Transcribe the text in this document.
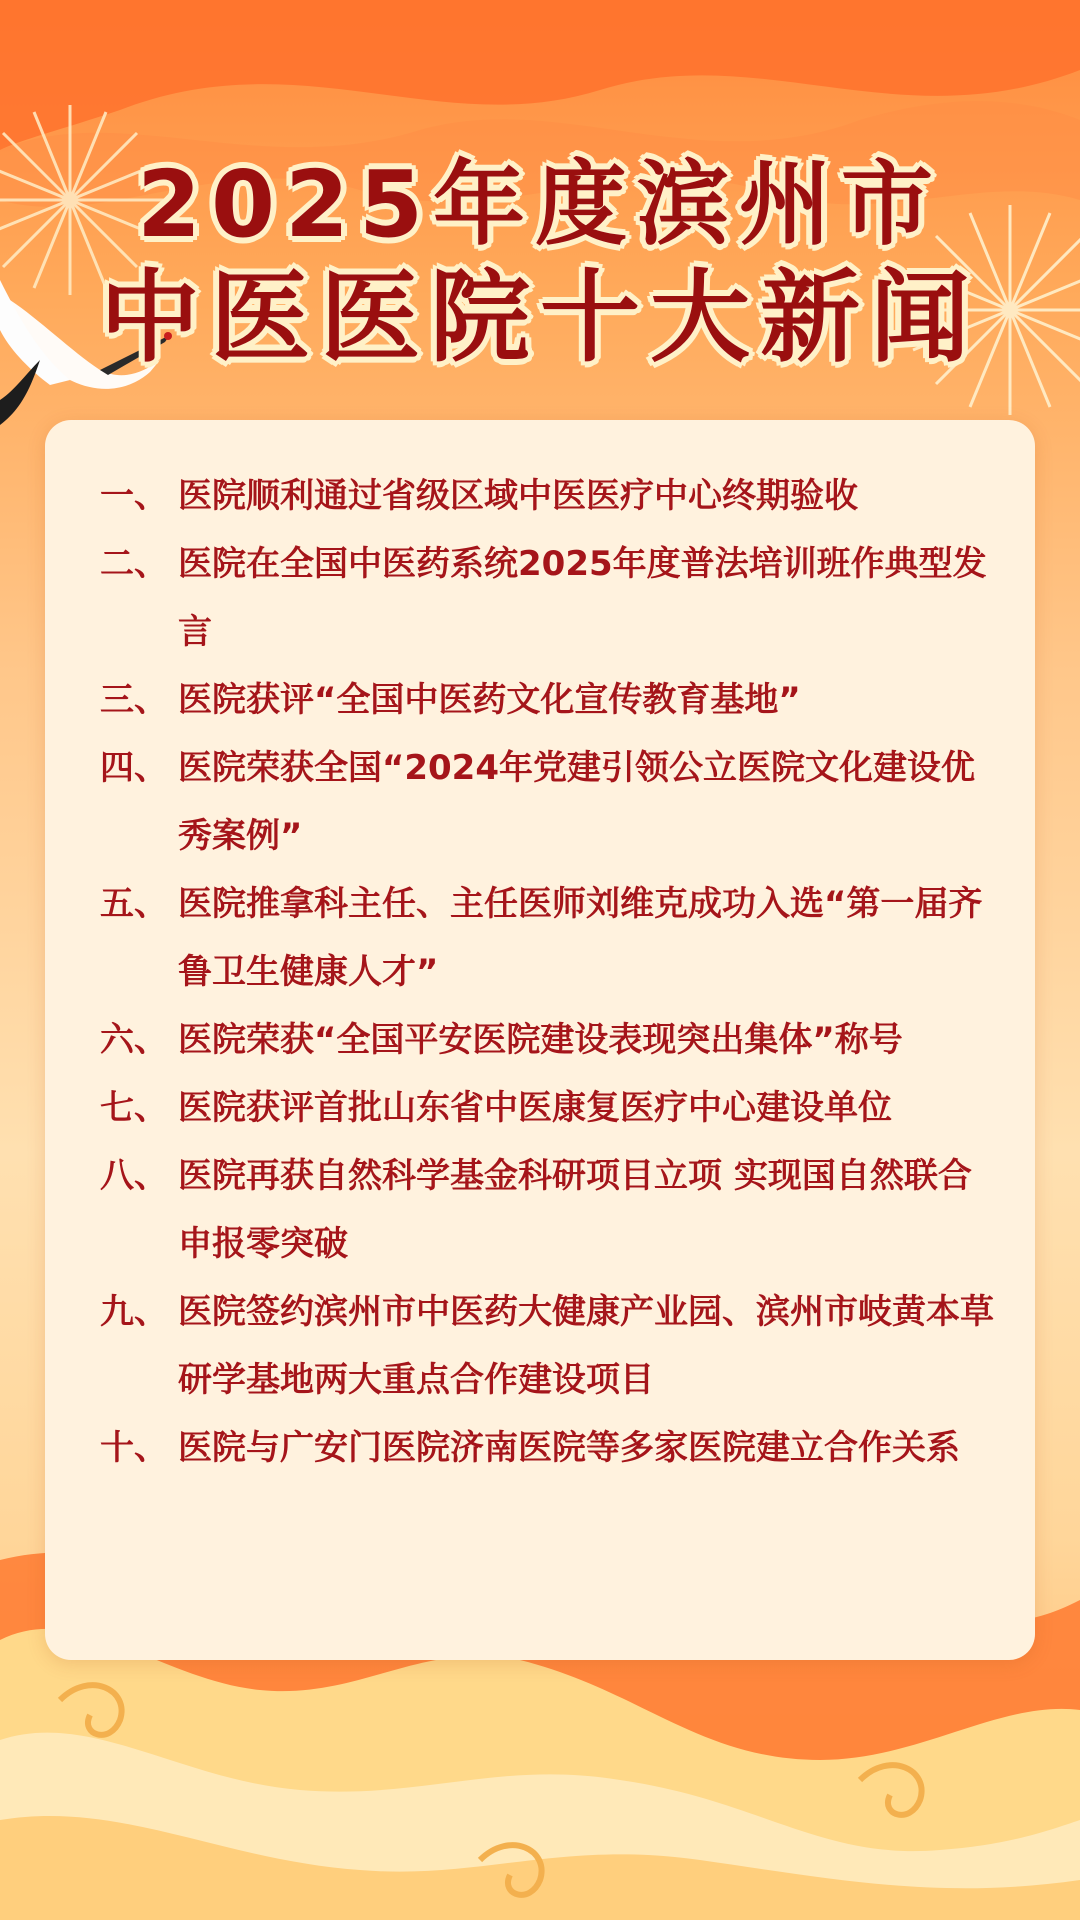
2025年度滨州市
中医医院十大新闻
一、 医院顺利通过省级区域中医医疗中心终期验收
二、 医院在全国中医药系统2025年度普法培训班作典型发言
三、 医院获评“全国中医药文化宣传教育基地”
四、 医院荣获全国“2024年党建引领公立医院文化建设优秀案例”
五、 医院推拿科主任、主任医师刘维克成功入选“第一届齐鲁卫生健康人才”
六、 医院荣获“全国平安医院建设表现突出集体”称号
七、 医院获评首批山东省中医康复医疗中心建设单位
八、 医院再获自然科学基金科研项目立项 实现国自然联合申报零突破
九、 医院签约滨州市中医药大健康产业园、滨州市岐黄本草研学基地两大重点合作建设项目
十、 医院与广安门医院济南医院等多家医院建立合作关系
